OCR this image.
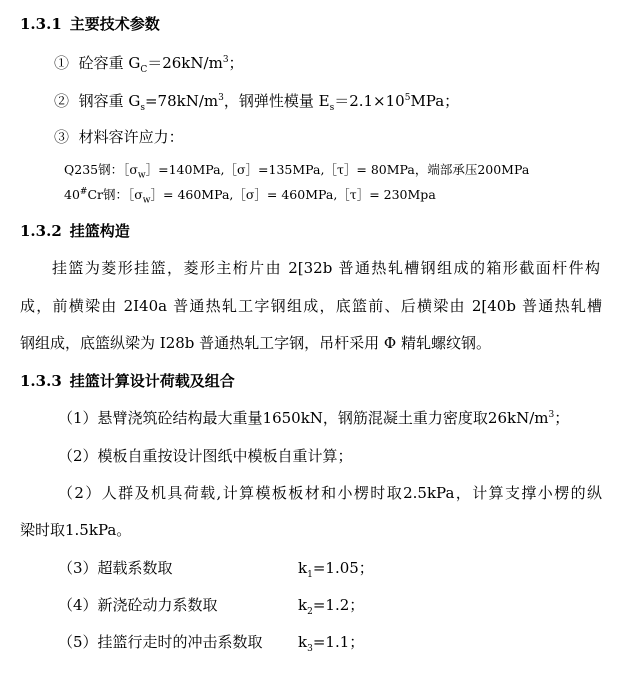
1.3.1 主要技术参数
① 砼容重 $G_C=26kN/m^3$；
② 钢容重 $G_s=78kN/m^3$，钢弹性模量 $E_s=2.1\times 10^5MPa$；
③ 材料容许应力：
Q235钢：$[\sigma_w]=140MPa,[\sigma]=135MPa,[\tau]= 80MPa$，端部承压200MPa
40#Cr钢：$[\sigma_w]=$ 460MPa,［σ］= 460MPa,［τ］= 230Mpa
1.3.2 挂篮构造
挂篮为菱形挂篮，菱形主桁片由 2[32b 普通热轧槽钢组成的箱形截面杆件构
成，前横梁由 2I40a 普通热轧工字钢组成，底篮前、后横梁由 2[40b 普通热轧槽
钢组成，底篮纵梁为 I28b 普通热轧工字钢，吊杆采用 Φ 精轧螺纹钢。
1.3.3 挂篮计算设计荷载及组合
（1）悬臂浇筑砼结构最大重量1650kN，钢筋混凝土重力密度取$26kN/m^3$；
（2）模板自重按设计图纸中模板自重计算；
（2）人群及机具荷载,计算模板板材和小楞时取2.5kPa，计算支撑小楞的纵
梁时取1.5kPa。
（3）超载系数取	$k_1=1.05$；
（4）新浇砼动力系数取	$k_2=1.2$；
（5）挂篮行走时的冲击系数取 $k_3=1.1$；
